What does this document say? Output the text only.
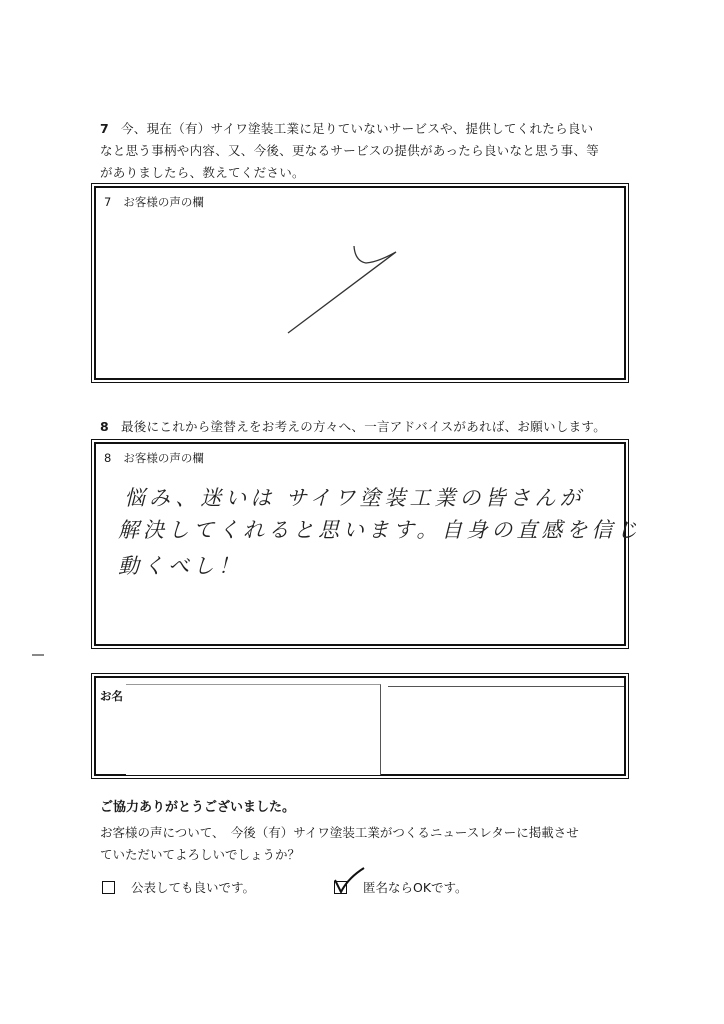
7 今、現在（有）サイワ塗装工業に足りていないサービスや、提供してくれたら良い
なと思う事柄や内容、又、今後、更なるサービスの提供があったら良いなと思う事、等
がありましたら、教えてください。
7 お客様の声の欄
8 最後にこれから塗替えをお考えの方々へ、一言アドバイスがあれば、お願いします。
8 お客様の声の欄
悩み、迷いは サイワ塗装工業の皆さんが
解決してくれると思います。自身の直感を信じ
動くべし！
お名
ご協力ありがとうございました。
お客様の声について、　今後（有）サイワ塗装工業がつくるニュースレターに掲載させ
ていただいてよろしいでしょうか？
公表しても良いです。	匿名ならOKです。
